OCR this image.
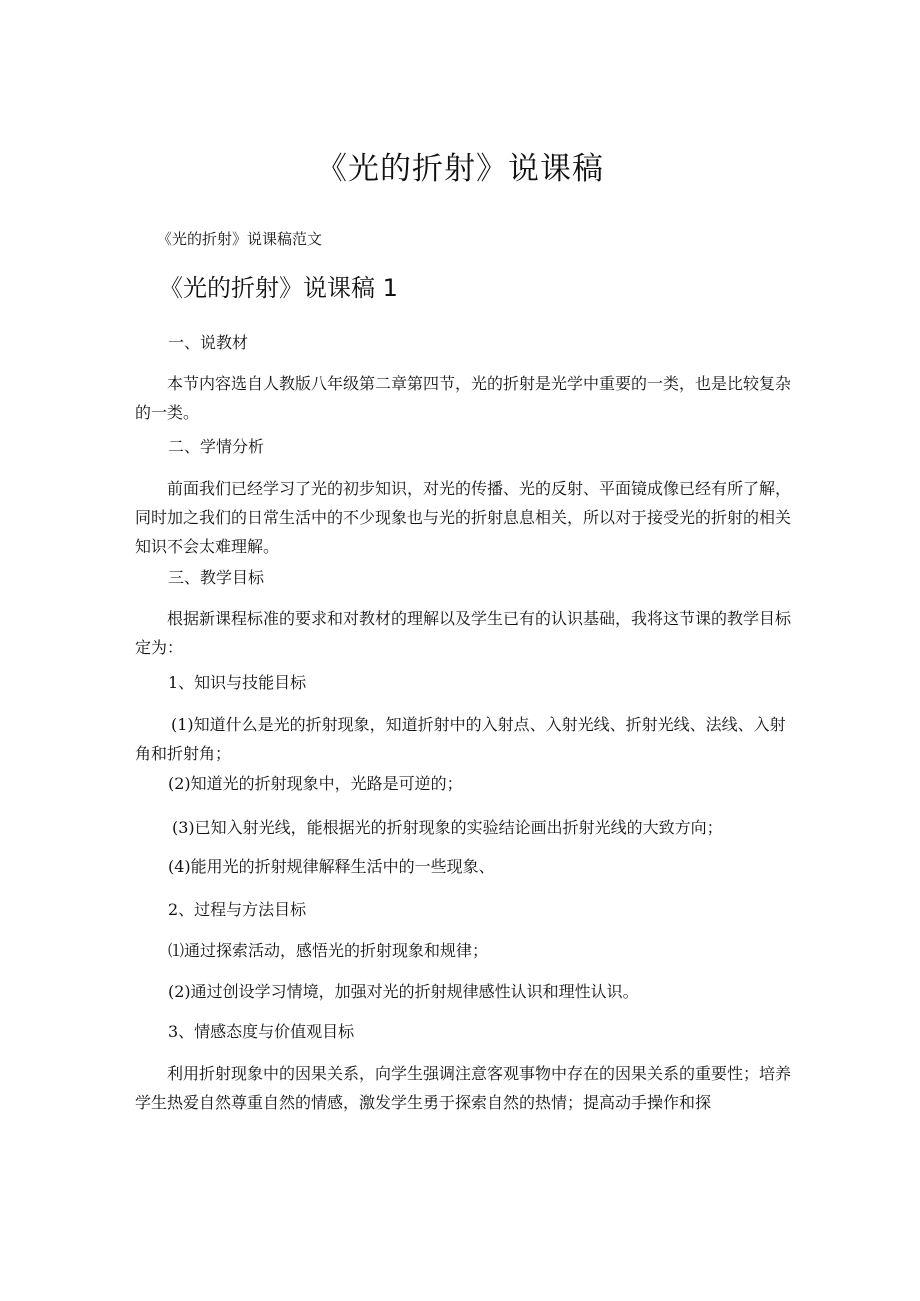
《光的折射》说课稿
《光的折射》说课稿范文
《光的折射》说课稿 1
一、说教材
本节内容选自人教版八年级第二章第四节，光的折射是光学中重要的一类，也是比较复杂的一类。
二、学情分析
前面我们已经学习了光的初步知识，对光的传播、光的反射、平面镜成像已经有所了解，同时加之我们的日常生活中的不少现象也与光的折射息息相关，所以对于接受光的折射的相关知识不会太难理解。
三、教学目标
根据新课程标准的要求和对教材的理解以及学生已有的认识基础，我将这节课的教学目标定为：
1、知识与技能目标
(1)知道什么是光的折射现象，知道折射中的入射点、入射光线、折射光线、法线、入射角和折射角；
(2)知道光的折射现象中，光路是可逆的；
(3)已知入射光线，能根据光的折射现象的实验结论画出折射光线的大致方向；
(4)能用光的折射规律解释生活中的一些现象、
2、过程与方法目标
⑴通过探索活动，感悟光的折射现象和规律；
(2)通过创设学习情境，加强对光的折射规律感性认识和理性认识。
3、情感态度与价值观目标
利用折射现象中的因果关系，向学生强调注意客观事物中存在的因果关系的重要性；培养学生热爱自然尊重自然的情感，激发学生勇于探索自然的热情；提高动手操作和探
